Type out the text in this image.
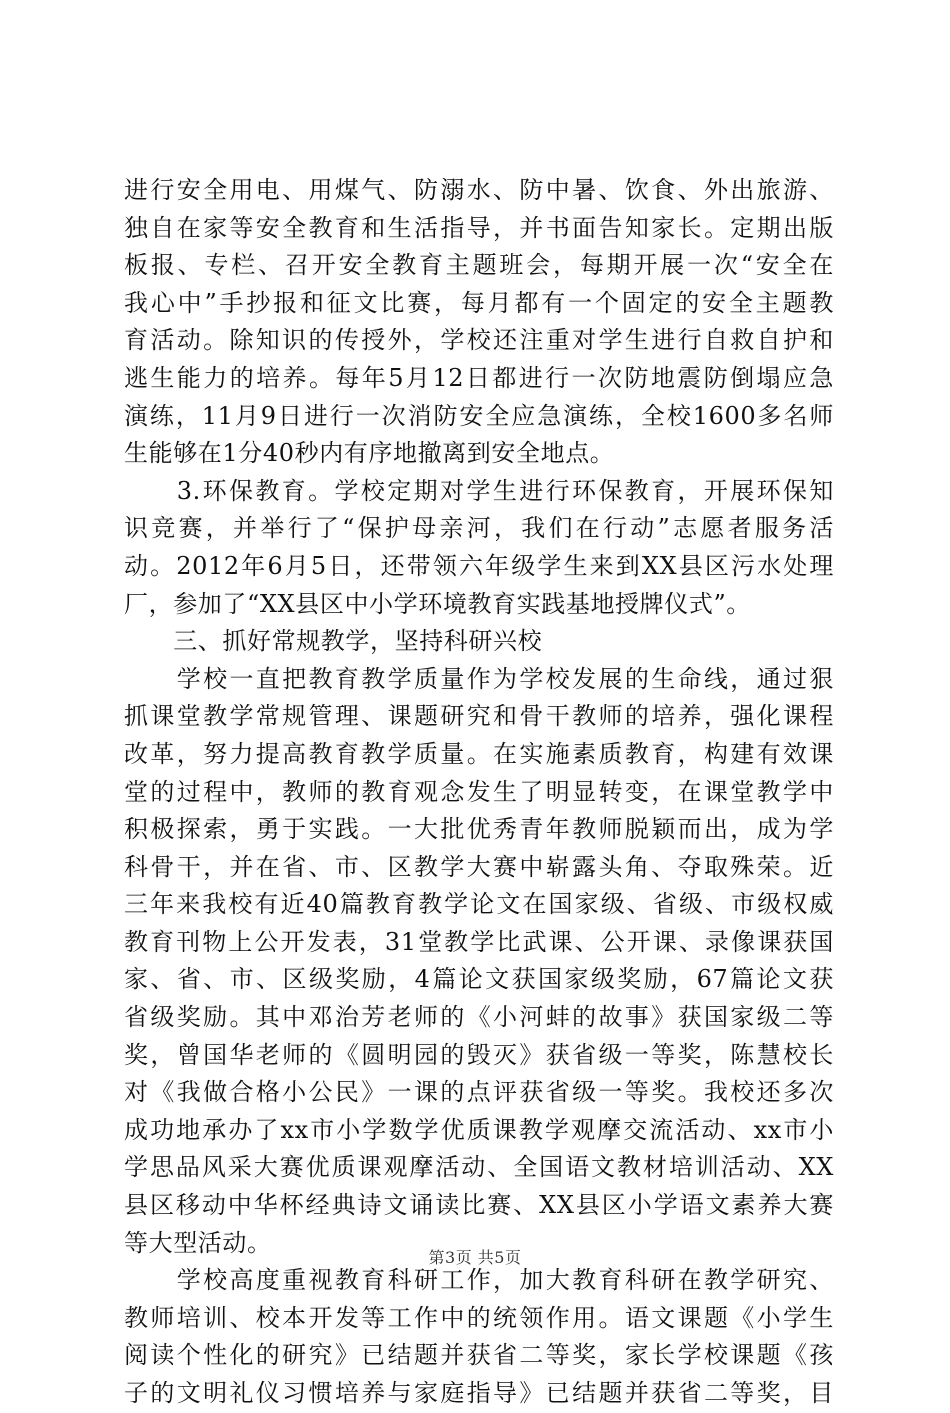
进行安全用电、用煤气、防溺水、防中暑、饮食、外出旅游、
独自在家等安全教育和生活指导，并书面告知家长。定期出版
板报、专栏、召开安全教育主题班会，每期开展一次“安全在
我心中”手抄报和征文比赛，每月都有一个固定的安全主题教
育活动。除知识的传授外，学校还注重对学生进行自救自护和
逃生能力的培养。每年5月12日都进行一次防地震防倒塌应急
演练，11月9日进行一次消防安全应急演练，全校1600多名师
生能够在1分40秒内有序地撤离到安全地点。
　　3.环保教育。学校定期对学生进行环保教育，开展环保知
识竞赛，并举行了“保护母亲河，我们在行动”志愿者服务活
动。2012年6月5日，还带领六年级学生来到XX县区污水处理
厂，参加了“XX县区中小学环境教育实践基地授牌仪式”。
　　三、抓好常规教学，坚持科研兴校
　　学校一直把教育教学质量作为学校发展的生命线，通过狠
抓课堂教学常规管理、课题研究和骨干教师的培养，强化课程
改革，努力提高教育教学质量。在实施素质教育，构建有效课
堂的过程中，教师的教育观念发生了明显转变，在课堂教学中
积极探索，勇于实践。一大批优秀青年教师脱颖而出，成为学
科骨干，并在省、市、区教学大赛中崭露头角、夺取殊荣。近
三年来我校有近40篇教育教学论文在国家级、省级、市级权威
教育刊物上公开发表，31堂教学比武课、公开课、录像课获国
家、省、市、区级奖励，4篇论文获国家级奖励，67篇论文获
省级奖励。其中邓治芳老师的《小河蚌的故事》获国家级二等
奖，曾国华老师的《圆明园的毁灭》获省级一等奖，陈慧校长
对《我做合格小公民》一课的点评获省级一等奖。我校还多次
成功地承办了xx市小学数学优质课教学观摩交流活动、xx市小
学思品风采大赛优质课观摩活动、全国语文教材培训活动、XX
县区移动中华杯经典诗文诵读比赛、XX县区小学语文素养大赛
等大型活动。
　　学校高度重视教育科研工作，加大教育科研在教学研究、
教师培训、校本开发等工作中的统领作用。语文课题《小学生
阅读个性化的研究》已结题并获省二等奖，家长学校课题《孩
子的文明礼仪习惯培养与家庭指导》已结题并获省二等奖，目
第3页 共5页
